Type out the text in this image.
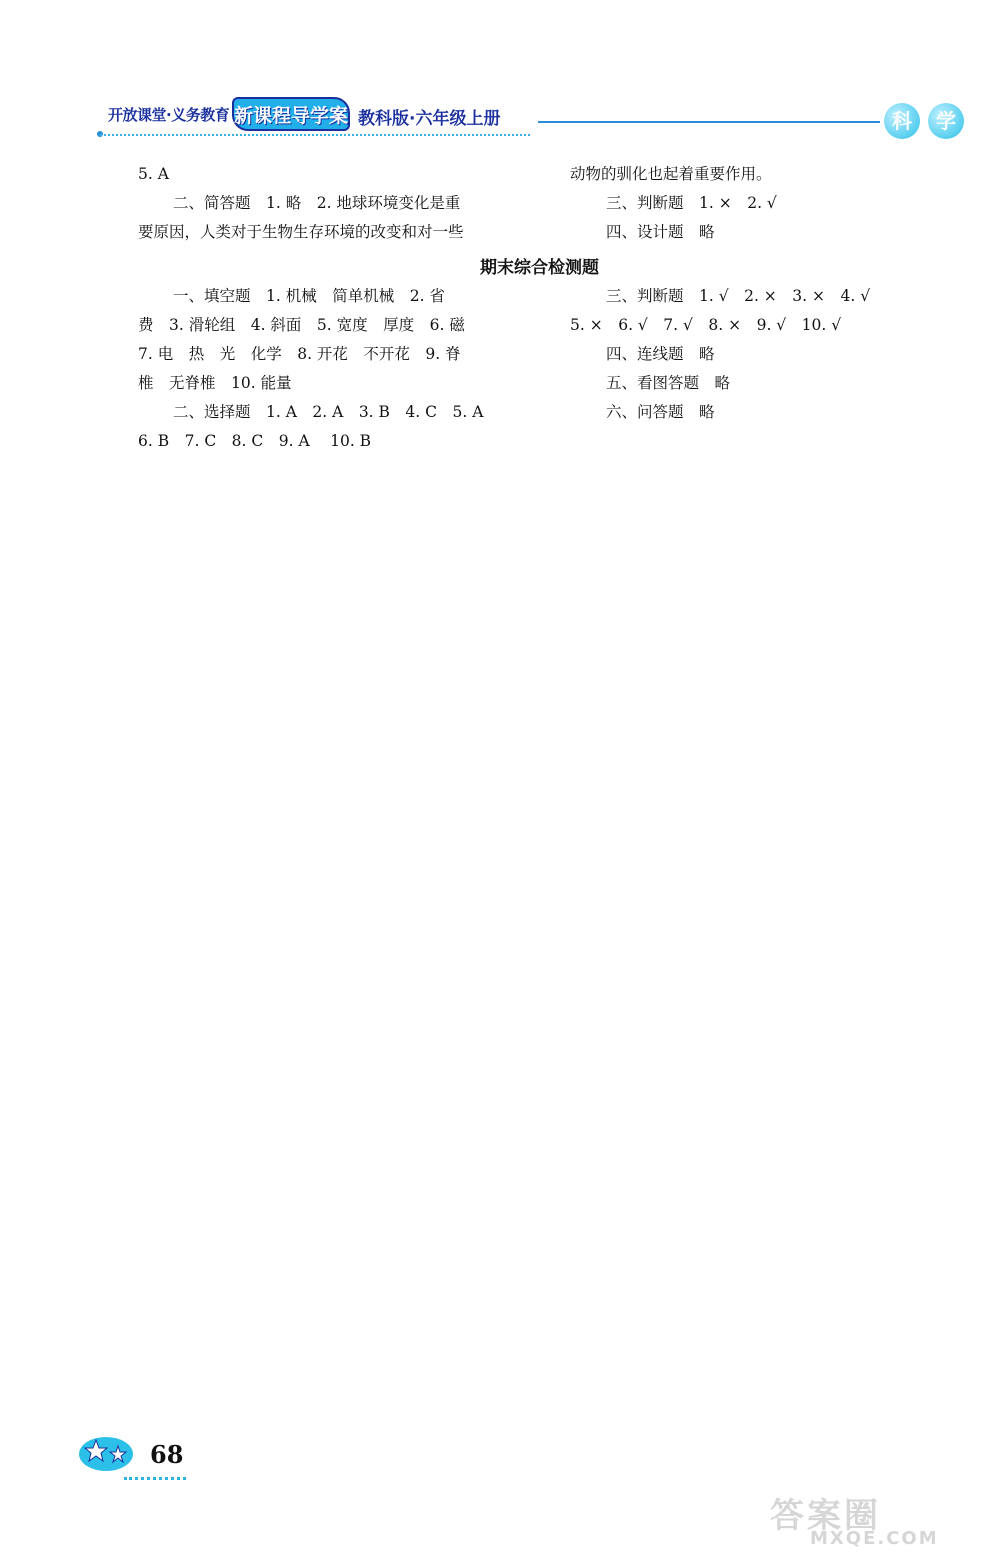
开放课堂·义务教育 新课程导学案 教科版·六年级上册	科	学
5. A
二、简答题　1. 略　2. 地球环境变化是重
要原因，人类对于生物生存环境的改变和对一些
动物的驯化也起着重要作用。
三、判断题　1. ×　2. √
四、设计题　略
期末综合检测题
一、填空题　1. 机械　简单机械　2. 省
费　3. 滑轮组　4. 斜面　5. 宽度　厚度　6. 磁
7. 电　热　光　化学　8. 开花　不开花　9. 脊
椎　无脊椎　10. 能量
二、选择题　1. A　2. A　3. B　4. C　5. A
6. B　7. C　8. C　9. A　 10. B
三、判断题　1. √　2. ×　3. ×　4. √
5. ×　6. √　7. √　8. ×　9. √　10. √
四、连线题　略
五、看图答题　略
六、问答题　略
68
答案圈
MXQE.COM
